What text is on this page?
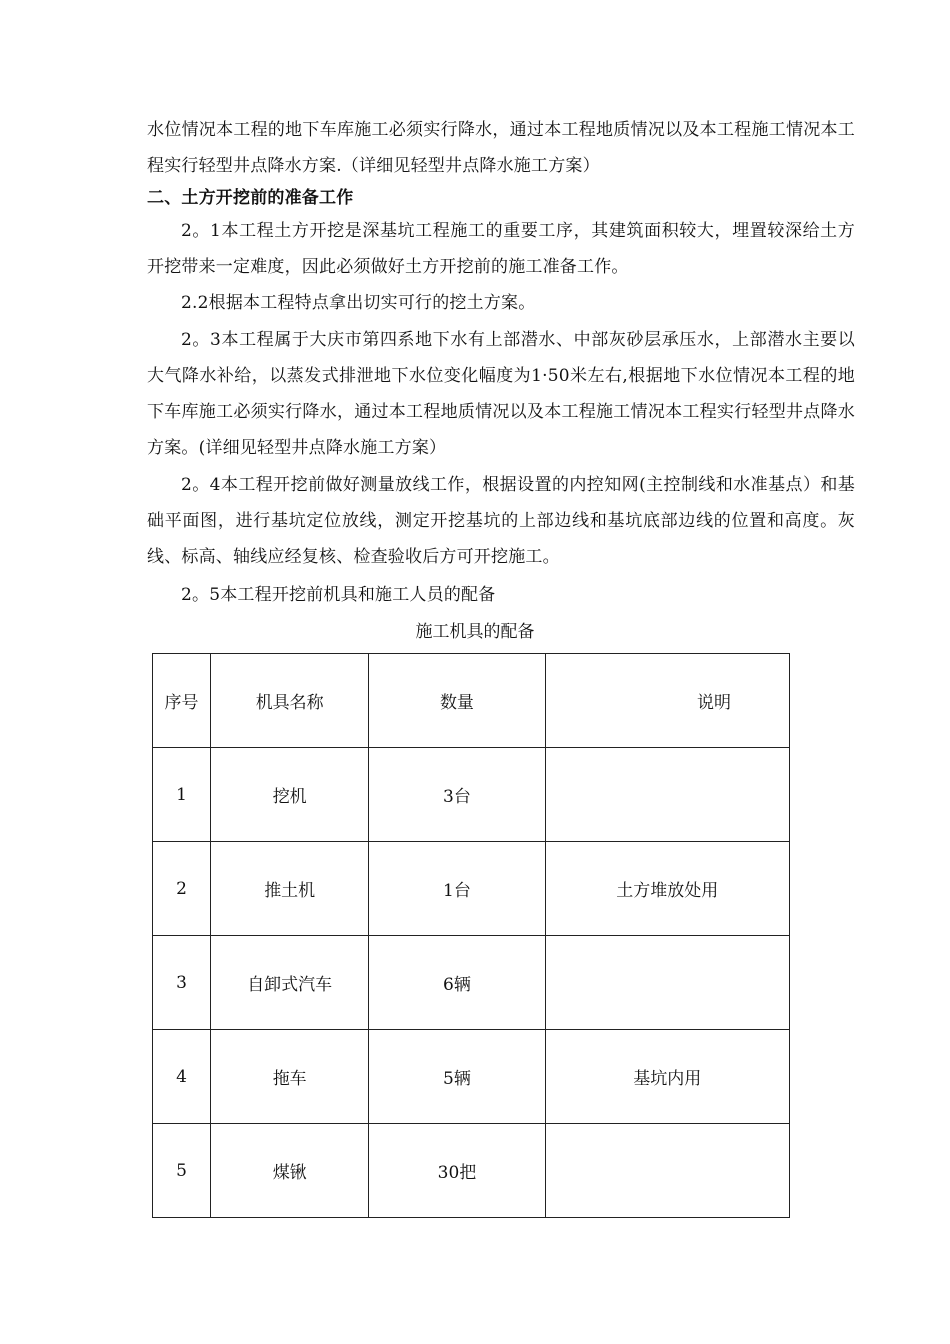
水位情况本工程的地下车库施工必须实行降水，通过本工程地质情况以及本工程施工情况本工程实行轻型井点降水方案.（详细见轻型井点降水施工方案）

二、土方开挖前的准备工作

2。1本工程土方开挖是深基坑工程施工的重要工序，其建筑面积较大，埋置较深给土方开挖带来一定难度，因此必须做好土方开挖前的施工准备工作。

2.2根据本工程特点拿出切实可行的挖土方案。

2。3本工程属于大庆市第四系地下水有上部潜水、中部灰砂层承压水，上部潜水主要以大气降水补给，以蒸发式排泄地下水位变化幅度为1·50米左右,根据地下水位情况本工程的地下车库施工必须实行降水，通过本工程地质情况以及本工程施工情况本工程实行轻型井点降水方案。(详细见轻型井点降水施工方案）

2。4本工程开挖前做好测量放线工作，根据设置的内控知网(主控制线和水准基点）和基础平面图，进行基坑定位放线，测定开挖基坑的上部边线和基坑底部边线的位置和高度。灰线、标高、轴线应经复核、检查验收后方可开挖施工。

2。5本工程开挖前机具和施工人员的配备

施工机具的配备

序号	机具名称	数量	说明
1	挖机	3台	
2	推土机	1台	土方堆放处用
3	自卸式汽车	6辆	
4	拖车	5辆	基坑内用
5	煤锹	30把	
